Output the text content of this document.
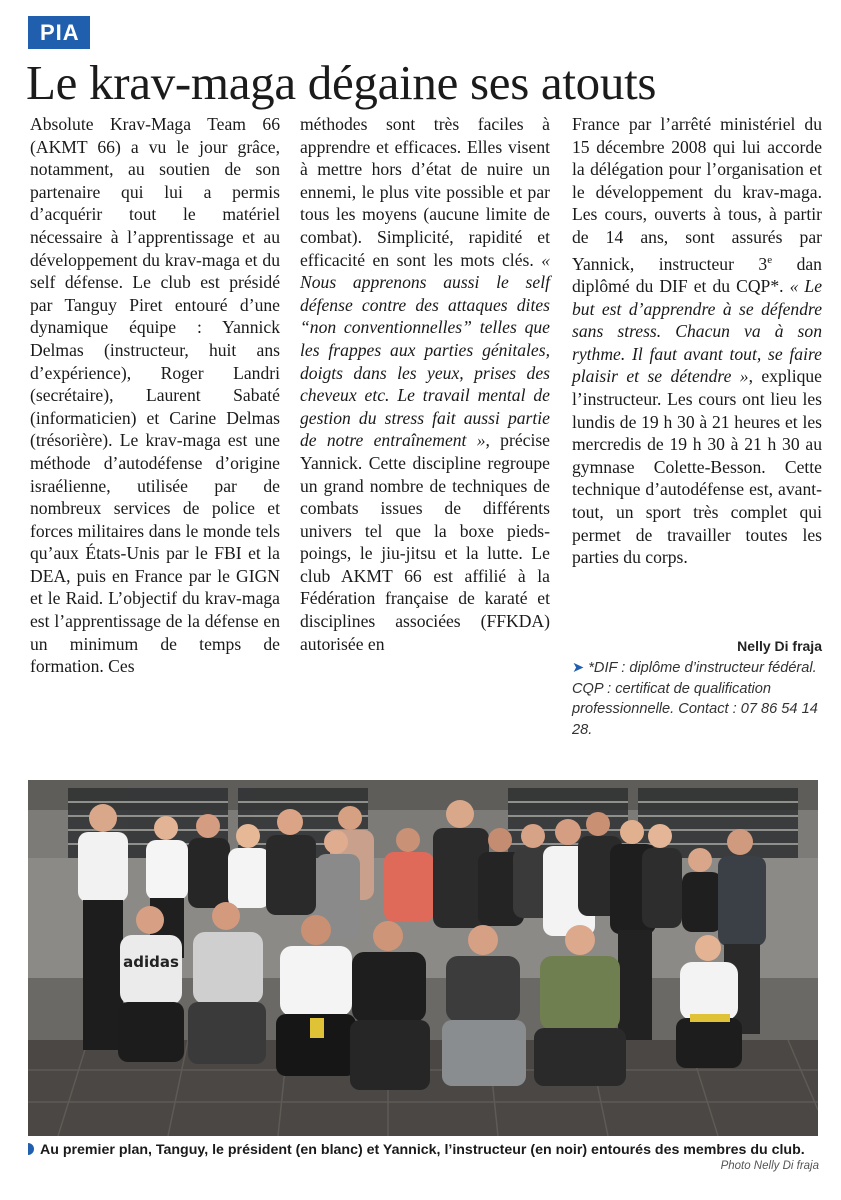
PIA
Le krav-maga dégaine ses atouts

Absolute Krav-Maga Team 66 (AKMT 66) a vu le jour grâce, notamment, au soutien de son partenaire qui lui a permis d’acquérir tout le matériel nécessaire à l’apprentissage et au développement du krav-maga et du self défense. Le club est présidé par Tanguy Piret entouré d’une dynamique équipe : Yannick Delmas (instructeur, huit ans d’expérience), Roger Landri (secrétaire), Laurent Sabaté (informaticien) et Carine Delmas (trésorière). Le krav-maga est une méthode d’autodéfense d’origine israélienne, utilisée par de nombreux services de police et forces militaires dans le monde tels qu’aux États-Unis par le FBI et la DEA, puis en France par le GIGN et le Raid. L’objectif du krav-maga est l’apprentissage de la défense en un minimum de temps de formation. Ces

méthodes sont très faciles à apprendre et efficaces. Elles visent à mettre hors d’état de nuire un ennemi, le plus vite possible et par tous les moyens (aucune limite de combat). Simplicité, rapidité et efficacité en sont les mots clés. « Nous apprenons aussi le self défense contre des attaques dites “non conventionnelles” telles que les frappes aux parties génitales, doigts dans les yeux, prises des cheveux etc. Le travail mental de gestion du stress fait aussi partie de notre entraînement », précise Yannick. Cette discipline regroupe un grand nombre de techniques de combats issues de différents univers tel que la boxe pieds-poings, le jiu-jitsu et la lutte. Le club AKMT 66 est affilié à la Fédération française de karaté et disciplines associées (FFKDA) autorisée en

France par l’arrêté ministériel du 15 décembre 2008 qui lui accorde la délégation pour l’organisation et le développement du krav-maga. Les cours, ouverts à tous, à partir de 14 ans, sont assurés par Yannick, instructeur 3e dan diplômé du DIF et du CQP*. « Le but est d’apprendre à se défendre sans stress. Chacun va à son rythme. Il faut avant tout, se faire plaisir et se détendre », explique l’instructeur. Les cours ont lieu les lundis de 19 h 30 à 21 heures et les mercredis de 19 h 30 à 21 h 30 au gymnase Colette-Besson. Cette technique d’autodéfense est, avant-tout, un sport très complet qui permet de travailler toutes les parties du corps.

Nelly Di fraja
➤ *DIF : diplôme d’instructeur fédéral. CQP : certificat de qualification professionnelle. Contact : 07 86 54 14 28.
adidas
Au premier plan, Tanguy, le président (en blanc) et Yannick, l’instructeur (en noir) entourés des membres du club.
Photo Nelly Di fraja
